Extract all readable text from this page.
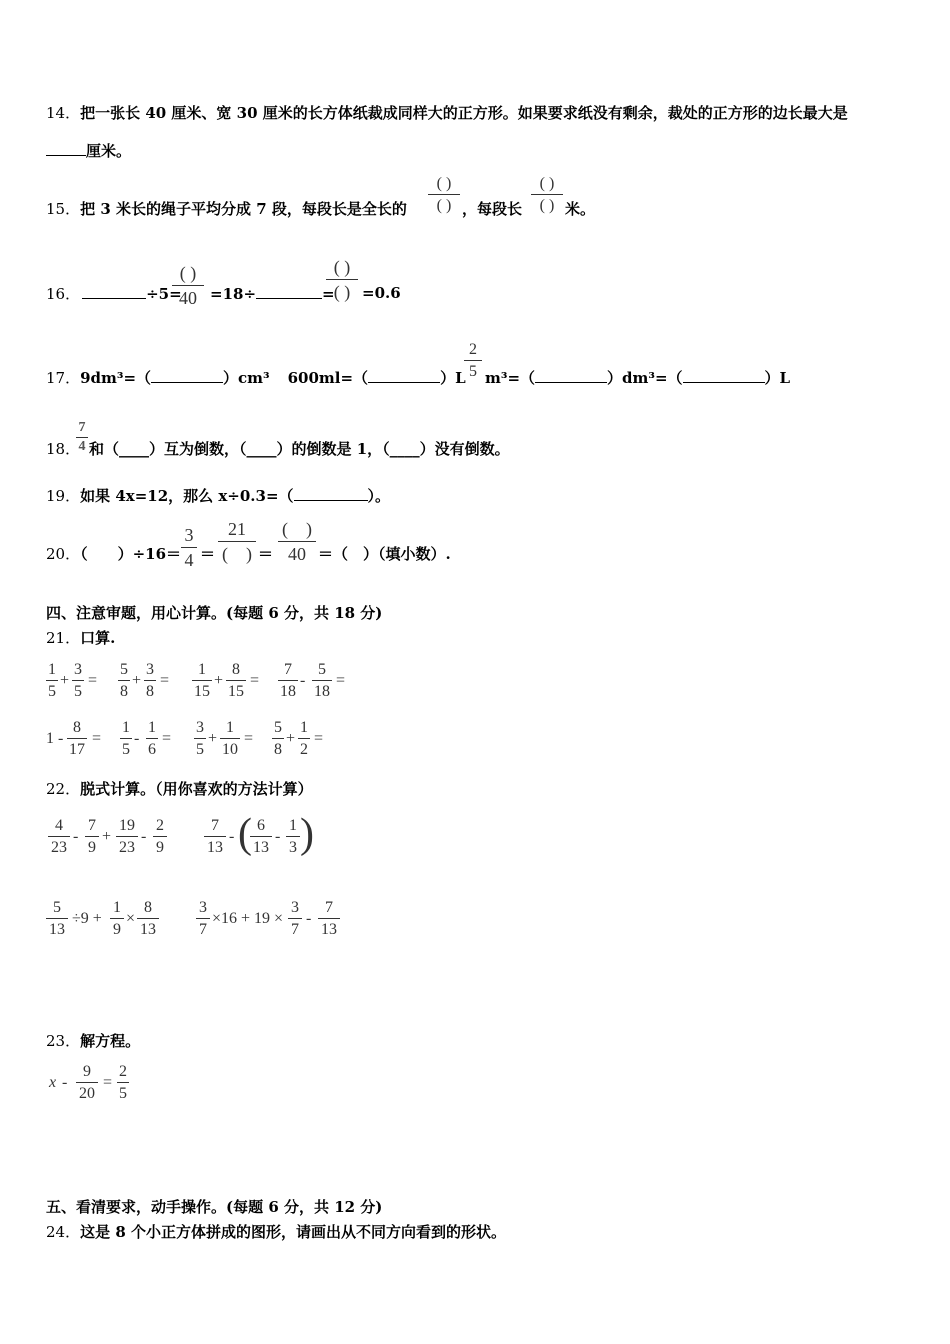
14．把一张长 40 厘米、宽 30 厘米的长方体纸裁成同样大的正方形。如果要求纸没有剩余，裁处的正方形的边长最大是
厘米。
15．把 3 米长的绳子平均分成 7 段，每段长是全长的
( )
( ) ，每段长
( )
( ) 米。
16．	÷5=
( )
40 =18÷	=
( )
( ) =0.6
17．9dm³=（	）cm³ 600ml=（	）L
2
5 m³=（	）dm³=（	）L
18．
7
4 和（____）互为倒数，（____）的倒数是 1，（____）没有倒数。
19．如果 4x=12，那么 x÷0.3=（	）。
20．（　　）÷16＝
3
4 ＝
21
(　) ＝
(　)
40 ＝（　）（填小数）.
四、注意审题，用心计算。(每题 6 分，共 18 分)
21．口算.
1
5
+
3
5
=
5
8
+
3
8
=
1
15
+
8
15
=
7
18
-
5
18
=
1 -
8
17
=
1
5
-
1
6
=
3
5
+
1
10
=
5
8
+
1
2
=
22．脱式计算。（用你喜欢的方法计算）
4
23
-
7
9
+
19
23
-
2
9
7
13
- ( 6
13
-
1
3 )
5
13
÷9 +
1
9
×
8
13
3
7
×16 + 19 ×
3
7
-
7
13
23．解方程。
x -
9
20
=
2
5
五、看清要求，动手操作。(每题 6 分，共 12 分)
24．这是 8 个小正方体拼成的图形，请画出从不同方向看到的形状。
